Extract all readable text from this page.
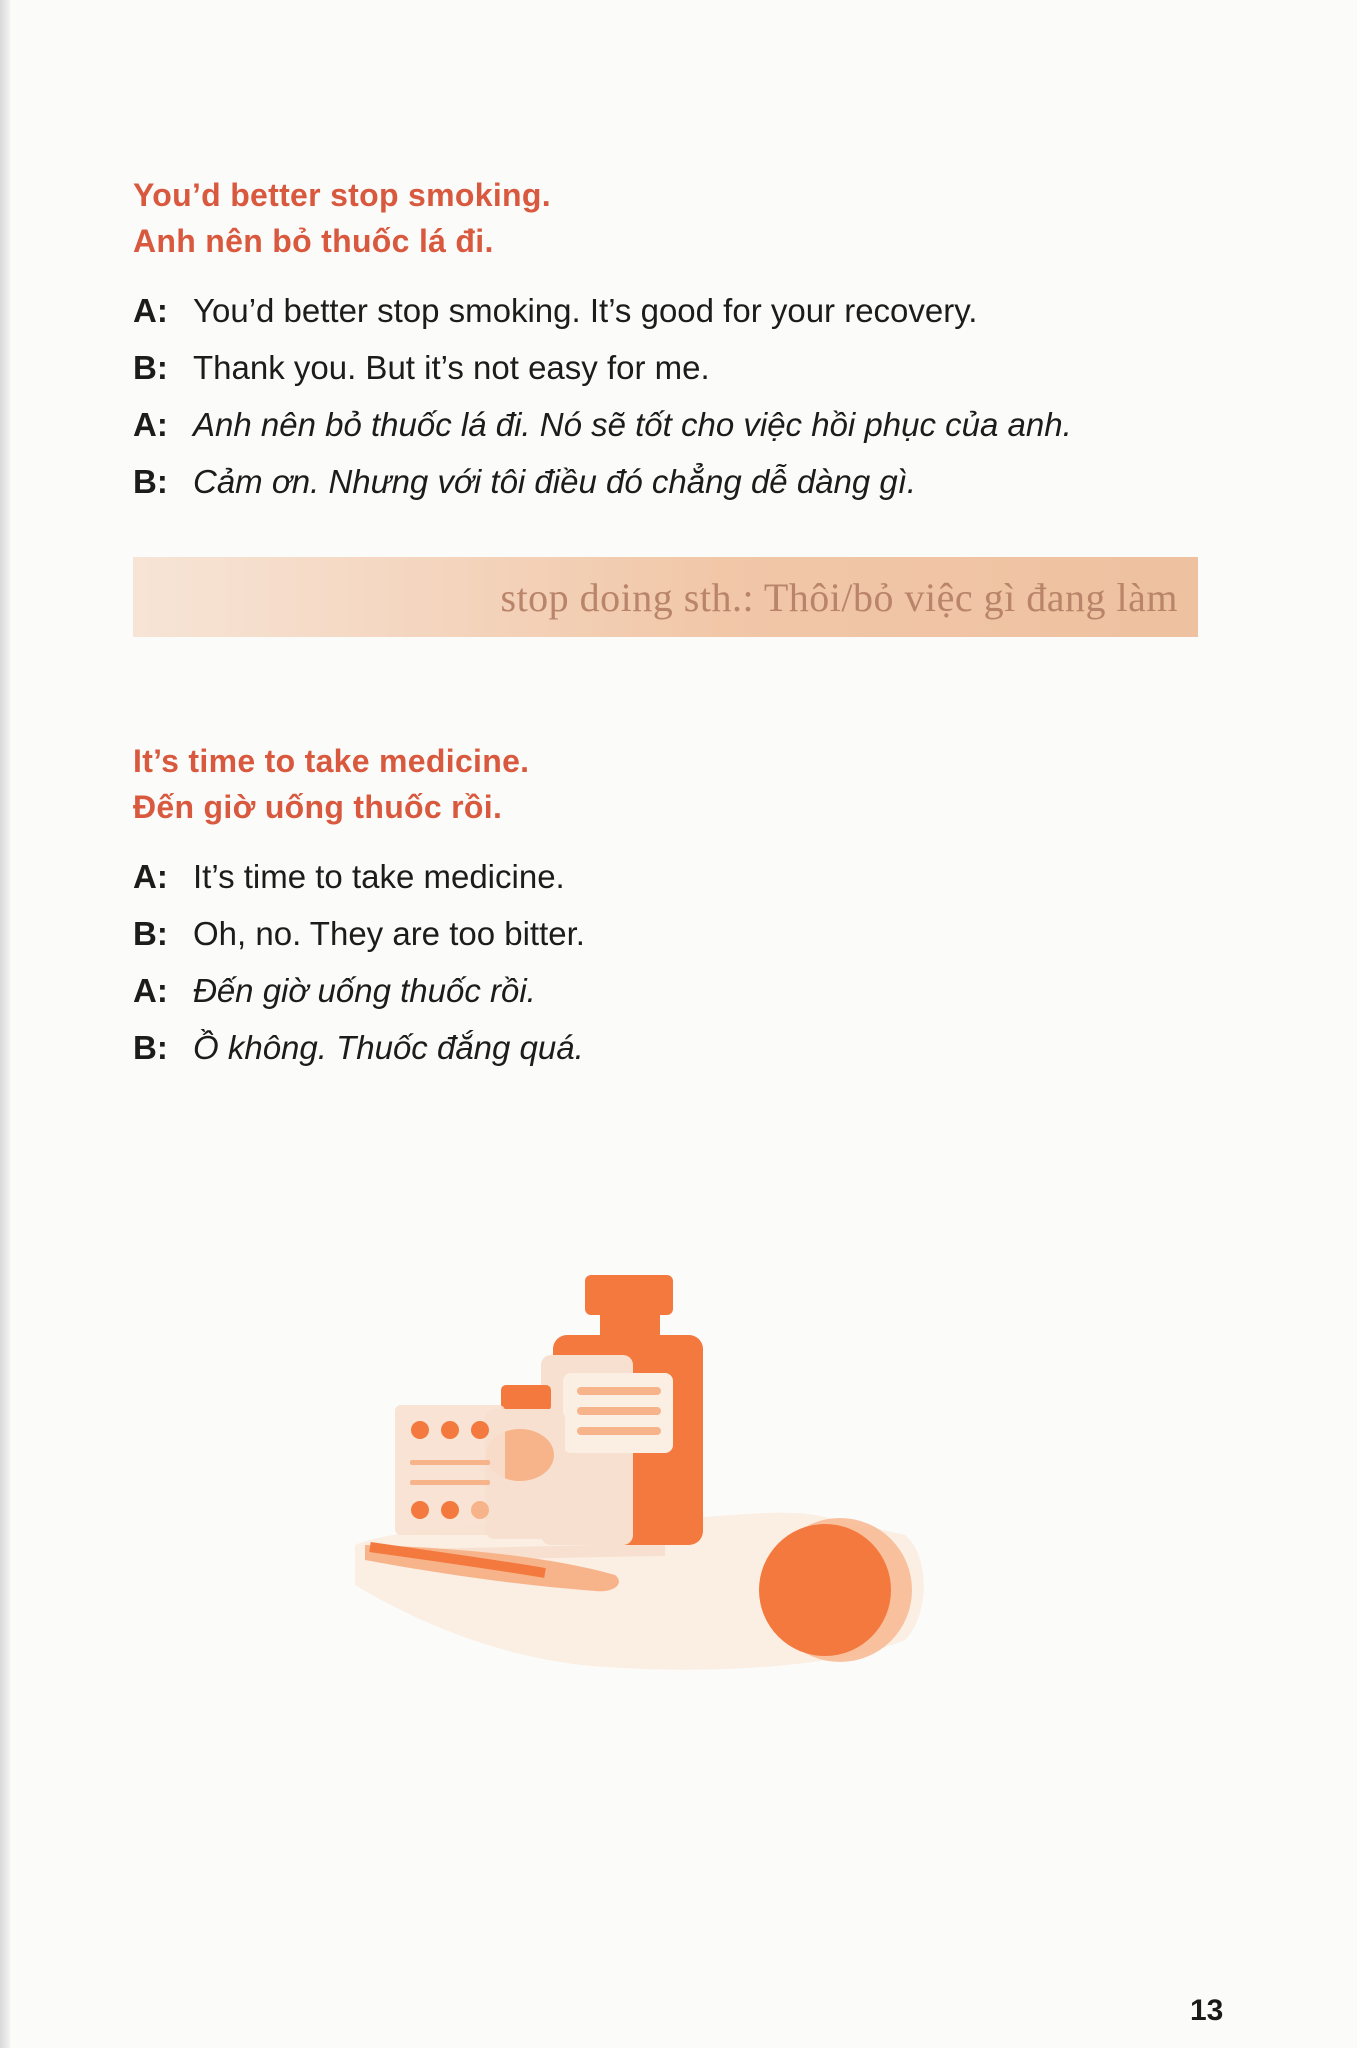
You’d better stop smoking.
Anh nên bỏ thuốc lá đi.
A: You’d better stop smoking. It’s good for your recovery.
B: Thank you. But it’s not easy for me.
A: Anh nên bỏ thuốc lá đi. Nó sẽ tốt cho việc hồi phục của anh.
B: Cảm ơn. Nhưng với tôi điều đó chẳng dễ dàng gì.
stop doing sth.: Thôi/bỏ việc gì đang làm
It’s time to take medicine.
Đến giờ uống thuốc rồi.
A: It’s time to take medicine.
B: Oh, no. They are too bitter.
A: Đến giờ uống thuốc rồi.
B: Ồ không. Thuốc đắng quá.
13
